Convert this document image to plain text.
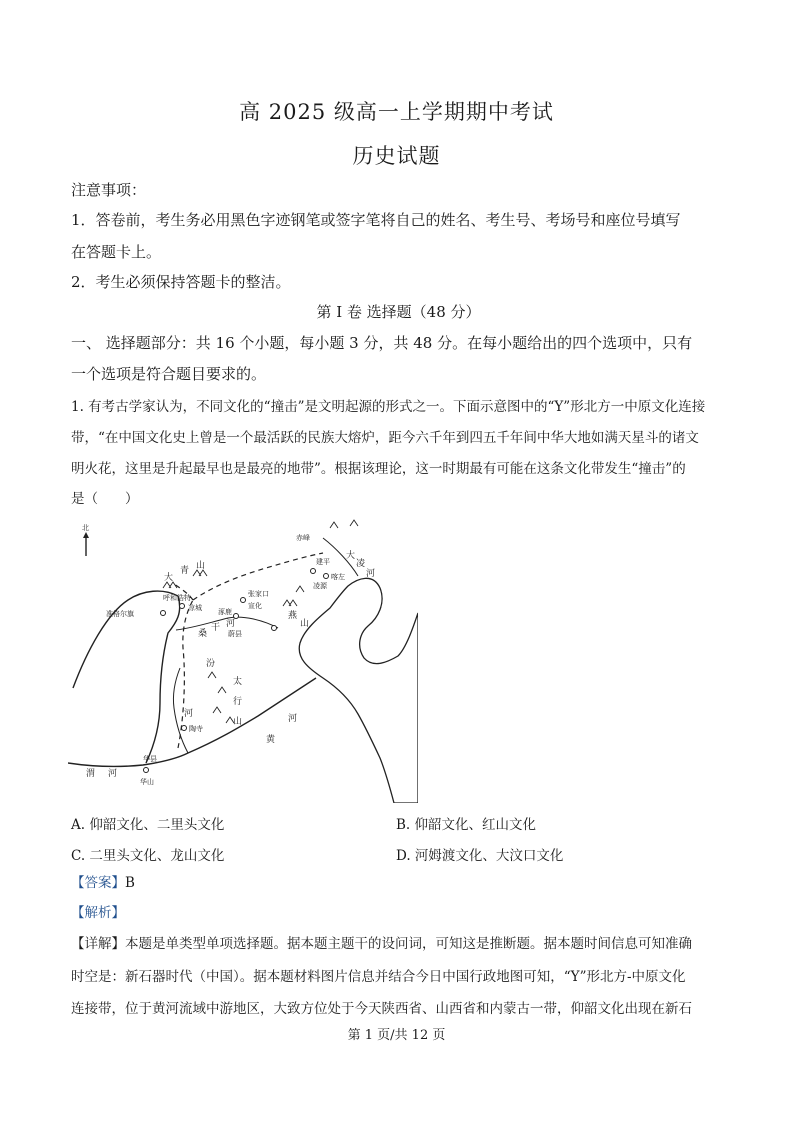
高 2025 级高一上学期期中考试
历史试题
注意事项：
1．答卷前，考生务必用黑色字迹钢笔或签字笔将自己的姓名、考生号、考场号和座位号填写
在答题卡上。
2．考生必须保持答题卡的整洁。
第 I 卷 选择题（48 分）
一、 选择题部分：共 16 个小题，每小题 3 分，共 48 分。在每小题给出的四个选项中，只有
一个选项是符合题目要求的。
1. 有考古学家认为，不同文化的“撞击”是文明起源的形式之一。下面示意图中的“Y”形北方一中原文化连接
带，“在中国文化史上曾是一个最活跃的民族大熔炉，距今六千年到四五千年间中华大地如满天星斗的诸文
明火花，这里是升起最早也是最亮的地带”。根据该理论，这一时期最有可能在这条文化带发生“撞击”的
是（　　）
北
赤峰
建平
喀左
凌源
大
凌
河
大
青 山
呼和浩特
凉城
张家口
宣化
涿鹿
蔚县
桑
干 河
燕
山
准格尔旗
汾
太
行
山
河
陶寺
黄
河
华县
渭 河
华山
A. 仰韶文化、二里头文化	B. 仰韶文化、红山文化
C. 二里头文化、龙山文化	D. 河姆渡文化、大汶口文化
【答案】B
【解析】
【详解】本题是单类型单项选择题。据本题主题干的设问词，可知这是推断题。据本题时间信息可知准确
时空是：新石器时代（中国）。据本题材料图片信息并结合今日中国行政地图可知，“Y”形北方-中原文化
连接带，位于黄河流域中游地区，大致方位处于今天陕西省、山西省和内蒙古一带，仰韶文化出现在新石
第 1 页/共 12 页
